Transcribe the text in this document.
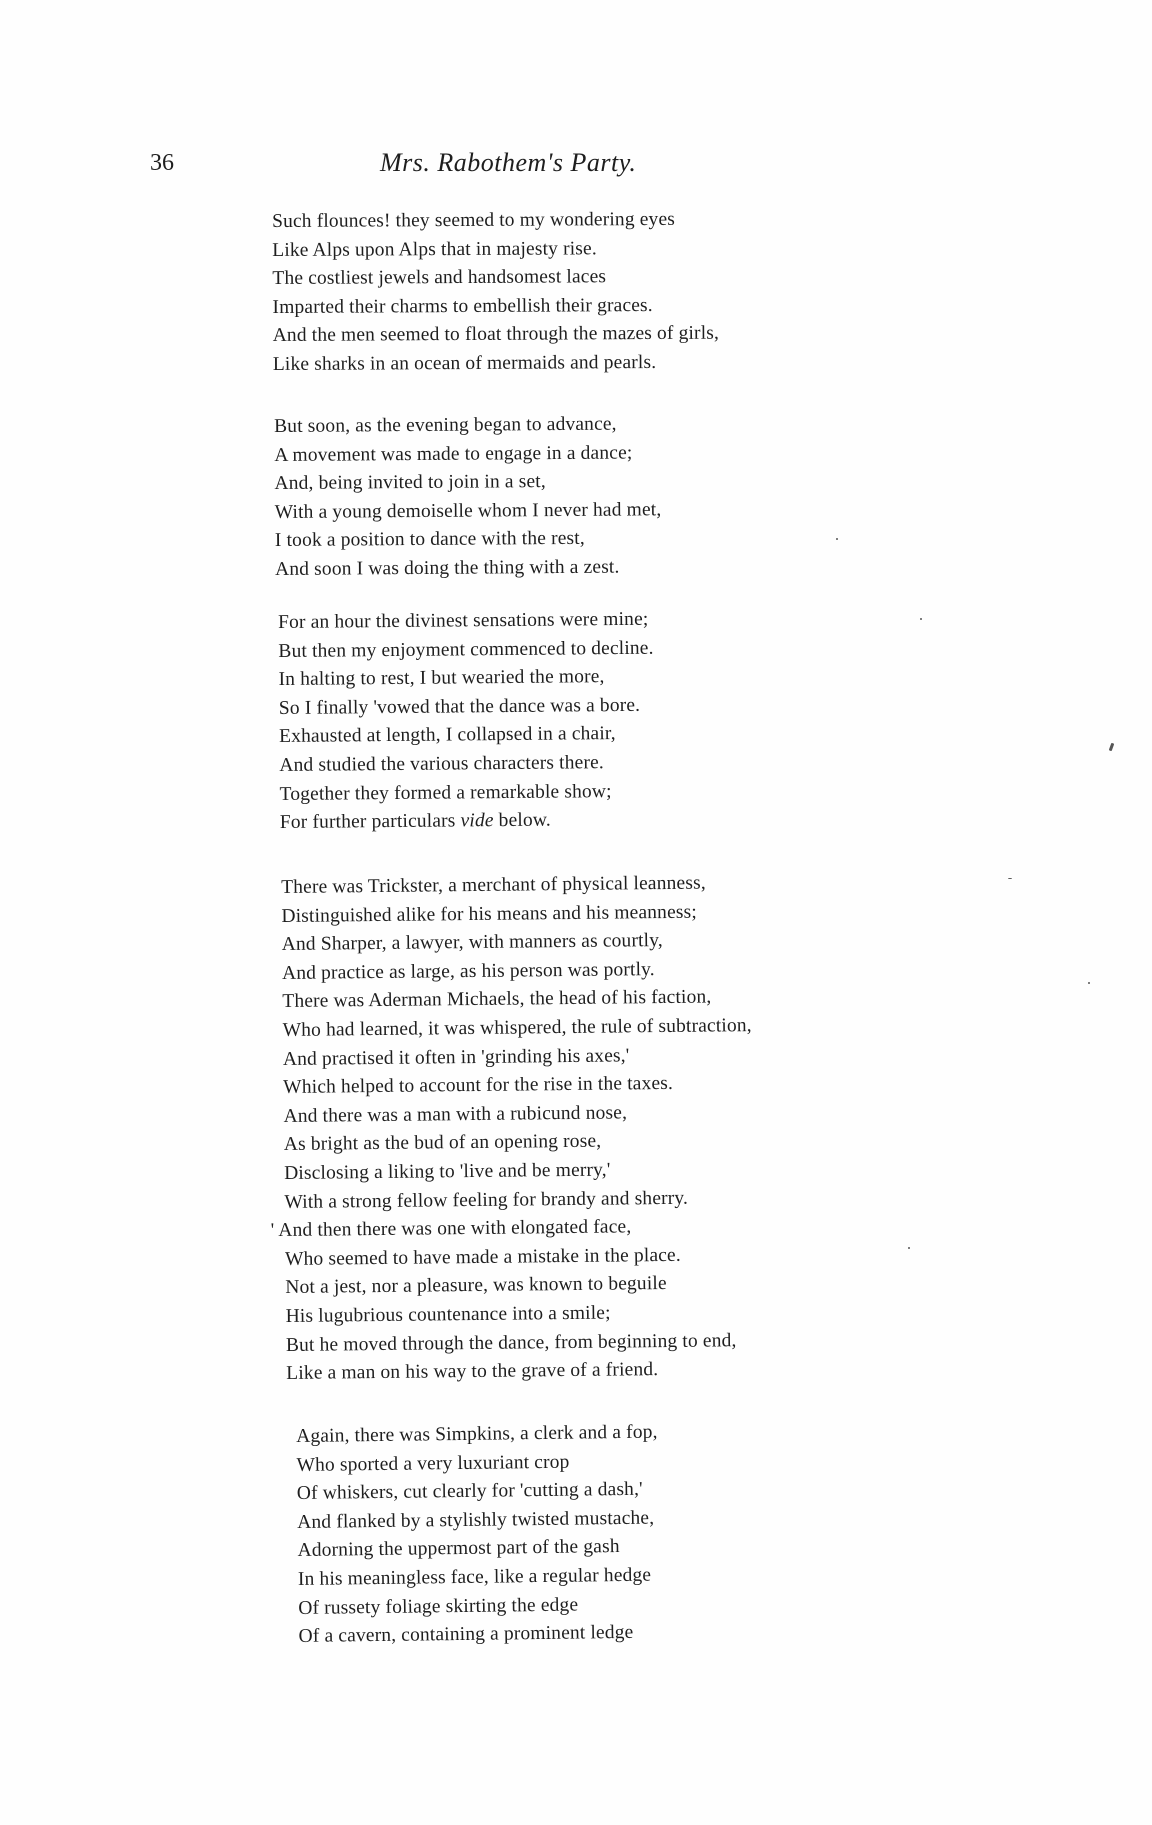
36	Mrs. Rabothem's Party.
Such flounces! they seemed to my wondering eyes
Like Alps upon Alps that in majesty rise.
The costliest jewels and handsomest laces
Imparted their charms to embellish their graces.
And the men seemed to float through the mazes of girls,
Like sharks in an ocean of mermaids and pearls.
But soon, as the evening began to advance,
A movement was made to engage in a dance;
And, being invited to join in a set,
With a young demoiselle whom I never had met,
I took a position to dance with the rest,
And soon I was doing the thing with a zest.
For an hour the divinest sensations were mine;
But then my enjoyment commenced to decline.
In halting to rest, I but wearied the more,
So I finally 'vowed that the dance was a bore.
Exhausted at length, I collapsed in a chair,
And studied the various characters there.
Together they formed a remarkable show;
For further particulars vide below.
There was Trickster, a merchant of physical leanness,
Distinguished alike for his means and his meanness;
And Sharper, a lawyer, with manners as courtly,
And practice as large, as his person was portly.
There was Aderman Michaels, the head of his faction,
Who had learned, it was whispered, the rule of subtraction,
And practised it often in 'grinding his axes,'
Which helped to account for the rise in the taxes.
And there was a man with a rubicund nose,
As bright as the bud of an opening rose,
Disclosing a liking to 'live and be merry,'
With a strong fellow feeling for brandy and sherry.
' And then there was one with elongated face,
Who seemed to have made a mistake in the place.
Not a jest, nor a pleasure, was known to beguile
His lugubrious countenance into a smile;
But he moved through the dance, from beginning to end,
Like a man on his way to the grave of a friend.
Again, there was Simpkins, a clerk and a fop,
Who sported a very luxuriant crop
Of whiskers, cut clearly for 'cutting a dash,'
And flanked by a stylishly twisted mustache,
Adorning the uppermost part of the gash
In his meaningless face, like a regular hedge
Of russety foliage skirting the edge
Of a cavern, containing a prominent ledge
